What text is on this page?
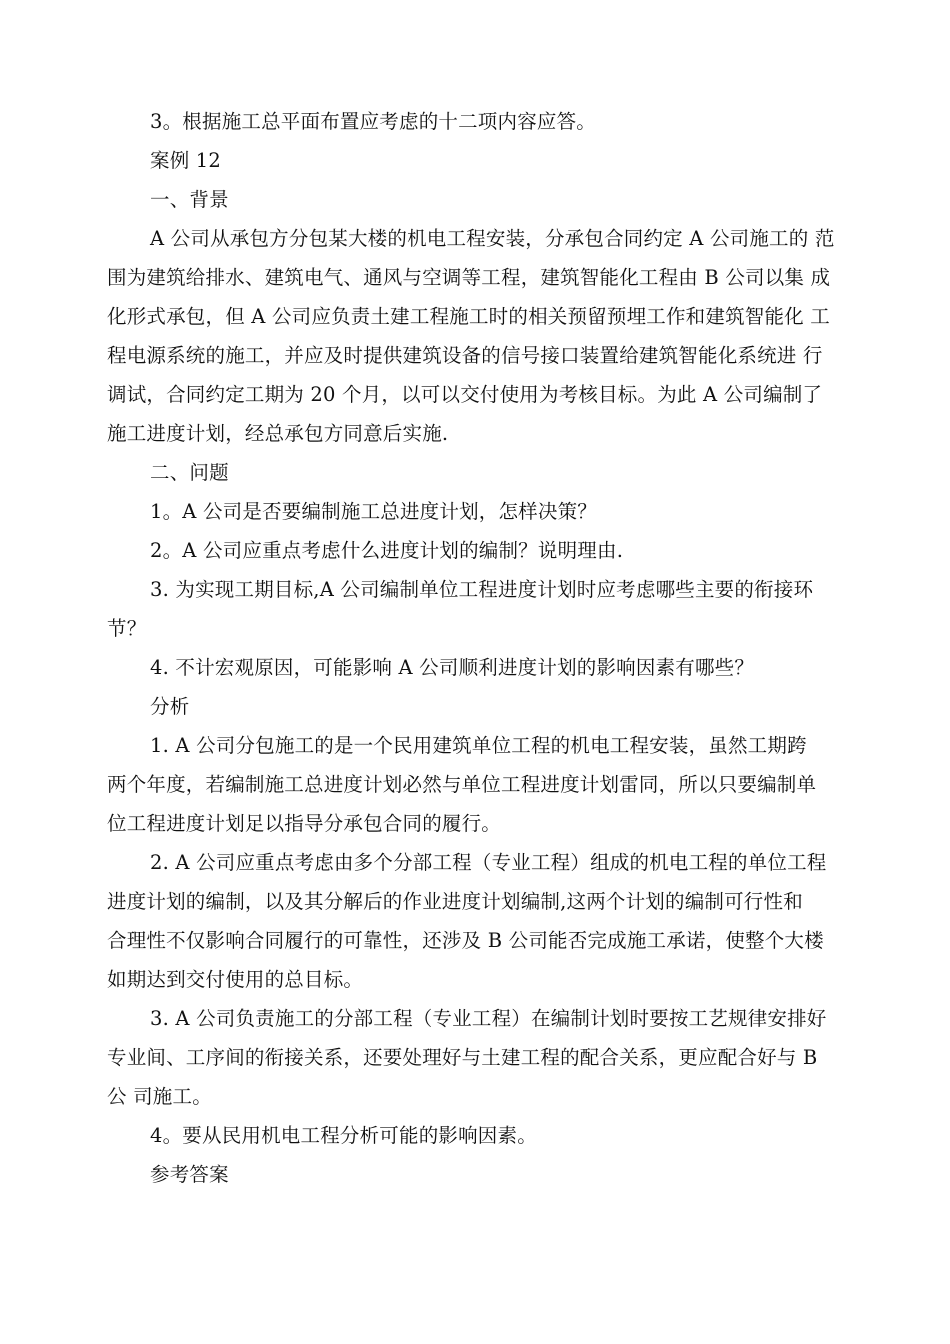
3。根据施工总平面布置应考虑的十二项内容应答。
案例 12
一、背景
A 公司从承包方分包某大楼的机电工程安装，分承包合同约定 A 公司施工的 范
围为建筑给排水、建筑电气、通风与空调等工程，建筑智能化工程由 B 公司以集 成
化形式承包，但 A 公司应负责土建工程施工时的相关预留预埋工作和建筑智能化 工
程电源系统的施工，并应及时提供建筑设备的信号接口装置给建筑智能化系统进 行
调试，合同约定工期为 20 个月，以可以交付使用为考核目标。为此 A 公司编制了
施工进度计划，经总承包方同意后实施.
二、问题
1。A 公司是否要编制施工总进度计划，怎样决策？
2。A 公司应重点考虑什么进度计划的编制？说明理由.
3. 为实现工期目标,A 公司编制单位工程进度计划时应考虑哪些主要的衔接环
节？
4. 不计宏观原因，可能影响 A 公司顺利进度计划的影响因素有哪些？
分析
1. A 公司分包施工的是一个民用建筑单位工程的机电工程安装，虽然工期跨
两个年度，若编制施工总进度计划必然与单位工程进度计划雷同，所以只要编制单
位工程进度计划足以指导分承包合同的履行。
2. A 公司应重点考虑由多个分部工程（专业工程）组成的机电工程的单位工程
进度计划的编制，以及其分解后的作业进度计划编制,这两个计划的编制可行性和
合理性不仅影响合同履行的可靠性，还涉及 B 公司能否完成施工承诺，使整个大楼
如期达到交付使用的总目标。
3. A 公司负责施工的分部工程（专业工程）在编制计划时要按工艺规律安排好
专业间、工序间的衔接关系，还要处理好与土建工程的配合关系，更应配合好与 B
公 司施工。
4。要从民用机电工程分析可能的影响因素。
参考答案
